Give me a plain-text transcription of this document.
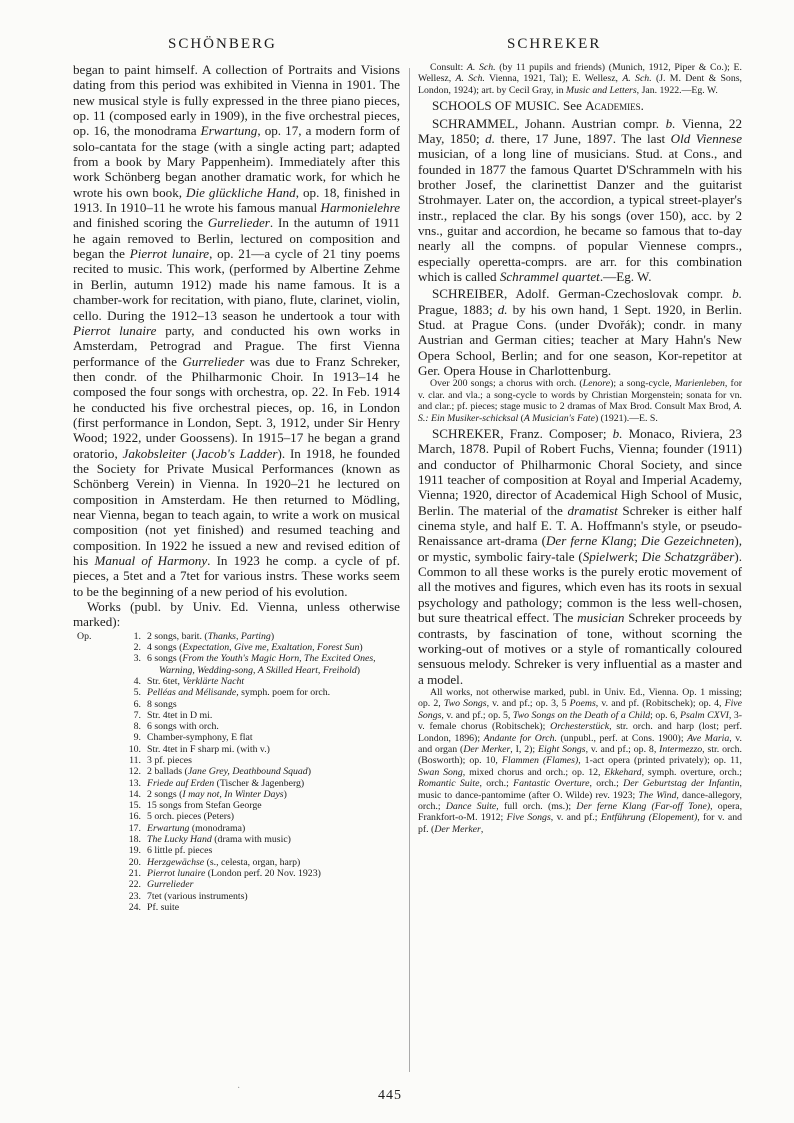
SCHÖNBERG	SCHREKER

began to paint himself. A collection of Portraits and Visions dating from this period was exhibited in Vienna in 1901. The new musical style is fully expressed in the three piano pieces, op. 11 (composed early in 1909), in the five orchestral pieces, op. 16, the monodrama Erwartung, op. 17, a modern form of solo-cantata for the stage (with a single acting part; adapted from a book by Mary Pappenheim). Immediately after this work Schönberg began another dramatic work, for which he wrote his own book, Die glückliche Hand, op. 18, finished in 1913. In 1910–11 he wrote his famous manual Harmonielehre and finished scoring the Gurrelieder. In the autumn of 1911 he again removed to Berlin, lectured on composition and began the Pierrot lunaire, op. 21—a cycle of 21 tiny poems recited to music. This work, (performed by Albertine Zehme in Berlin, autumn 1912) made his name famous. It is a chamber-work for recitation, with piano, flute, clarinet, violin, cello. During the 1912–13 season he undertook a tour with Pierrot lunaire party, and conducted his own works in Amsterdam, Petrograd and Prague. The first Vienna performance of the Gurrelieder was due to Franz Schreker, then condr. of the Philharmonic Choir. In 1913–14 he composed the four songs with orchestra, op. 22. In Feb. 1914 he conducted his five orchestral pieces, op. 16, in London (first performance in London, Sept. 3, 1912, under Sir Henry Wood; 1922, under Goossens). In 1915–17 he began a grand oratorio, Jakobsleiter (Jacob's Ladder). In 1918, he founded the Society for Private Musical Performances (known as Schönberg Verein) in Vienna. In 1920–21 he lectured on composition in Amsterdam. He then returned to Mödling, near Vienna, began to teach again, to write a work on musical composition (not yet finished) and resumed teaching and composition. In 1922 he issued a new and revised edition of his Manual of Harmony. In 1923 he comp. a cycle of pf. pieces, a 5tet and a 7tet for various instrs. These works seem to be the beginning of a new period of his evolution.

Works (publ. by Univ. Ed. Vienna, unless otherwise marked):

Op.	1. 2 songs, barit. (Thanks, Parting)
2. 4 songs (Expectation, Give me, Exaltation, Forest Sun)
3. 6 songs (From the Youth's Magic Horn, The Excited Ones, Warning, Wedding-song, A Skilled Heart, Freihold)
4. Str. 6tet, Verklärte Nacht
5. Pelléas and Mélisande, symph. poem for orch.
6. 8 songs
7. Str. 4tet in D mi.
8. 6 songs with orch.
9. Chamber-symphony, E flat
10. Str. 4tet in F sharp mi. (with v.)
11. 3 pf. pieces
12. 2 ballads (Jane Grey, Deathbound Squad)
13. Friede auf Erden (Tischer & Jagenberg)
14. 2 songs (I may not, In Winter Days)
15. 15 songs from Stefan George
16. 5 orch. pieces (Peters)
17. Erwartung (monodrama)
18. The Lucky Hand (drama with music)
19. 6 little pf. pieces
20. Herzgewächse (s., celesta, organ, harp)
21. Pierrot lunaire (London perf. 20 Nov. 1923)
22. Gurrelieder
23. 7tet (various instruments)
24. Pf. suite

Consult: A. Sch. (by 11 pupils and friends) (Munich, 1912, Piper & Co.); E. Wellesz, A. Sch. Vienna, 1921, Tal); E. Wellesz, A. Sch. (J. M. Dent & Sons, London, 1924); art. by Cecil Gray, in Music and Letters, Jan. 1922.—Eg. W.

SCHOOLS OF MUSIC. See Academies.

SCHRAMMEL, Johann. Austrian compr. b. Vienna, 22 May, 1850; d. there, 17 June, 1897. The last Old Viennese musician, of a long line of musicians. Stud. at Cons., and founded in 1877 the famous Quartet D'Schrammeln with his brother Josef, the clarinettist Danzer and the guitarist Strohmayer. Later on, the accordion, a typical street-player's instr., replaced the clar. By his songs (over 150), acc. by 2 vns., guitar and accordion, he became so famous that to-day nearly all the compns. of popular Viennese comprs., especially operetta-comprs. are arr. for this combination which is called Schrammel quartet.—Eg. W.

SCHREIBER, Adolf. German-Czechoslovak compr. b. Prague, 1883; d. by his own hand, 1 Sept. 1920, in Berlin. Stud. at Prague Cons. (under Dvořák); condr. in many Austrian and German cities; teacher at Mary Hahn's New Opera School, Berlin; and for one season, Kor-repetitor at Ger. Opera House in Charlottenburg.

Over 200 songs; a chorus with orch. (Lenore); a song-cycle, Marienleben, for v. clar. and vla.; a song-cycle to words by Christian Morgenstein; sonata for vn. and clar.; pf. pieces; stage music to 2 dramas of Max Brod. Consult Max Brod, A. S.: Ein Musiker-schicksal (A Musician's Fate) (1921).—E. S.

SCHREKER, Franz. Composer; b. Monaco, Riviera, 23 March, 1878. Pupil of Robert Fuchs, Vienna; founder (1911) and conductor of Philharmonic Choral Society, and since 1911 teacher of composition at Royal and Imperial Academy, Vienna; 1920, director of Academical High School of Music, Berlin. The material of the dramatist Schreker is either half cinema style, and half E. T. A. Hoffmann's style, or pseudo-Renaissance art-drama (Der ferne Klang; Die Gezeichneten), or mystic, symbolic fairy-tale (Spielwerk; Die Schatzgräber). Common to all these works is the purely erotic movement of all the motives and figures, which even has its roots in sexual psychology and pathology; common is the less well-chosen, but sure theatrical effect. The musician Schreker proceeds by contrasts, by fascination of tone, without scorning the working-out of motives or a style of romantically coloured sensuous melody. Schreker is very influential as a master and a model.

All works, not otherwise marked, publ. in Univ. Ed., Vienna. Op. 1 missing; op. 2, Two Songs, v. and pf.; op. 3, 5 Poems, v. and pf. (Robitschek); op. 4, Five Songs, v. and pf.; op. 5, Two Songs on the Death of a Child; op. 6, Psalm CXVI, 3-v. female chorus (Robitschek); Orchesterstück, str. orch. and harp (lost; perf. London, 1896); Andante for Orch. (unpubl., perf. at Cons. 1900); Ave Maria, v. and organ (Der Merker, I, 2); Eight Songs, v. and pf.; op. 8, Intermezzo, str. orch. (Bosworth); op. 10, Flammen (Flames), 1-act opera (printed privately); op. 11, Swan Song, mixed chorus and orch.; op. 12, Ekkehard, symph. overture, orch.; Romantic Suite, orch.; Fantastic Overture, orch.; Der Geburtstag der Infantin, music to dance-pantomime (after O. Wilde) rev. 1923; The Wind, dance-allegory, orch.; Dance Suite, full orch. (ms.); Der ferne Klang (Far-off Tone), opera, Frankfort-o-M. 1912; Five Songs, v. and pf.; Entführung (Elopement), for v. and pf. (Der Merker,

·	445
